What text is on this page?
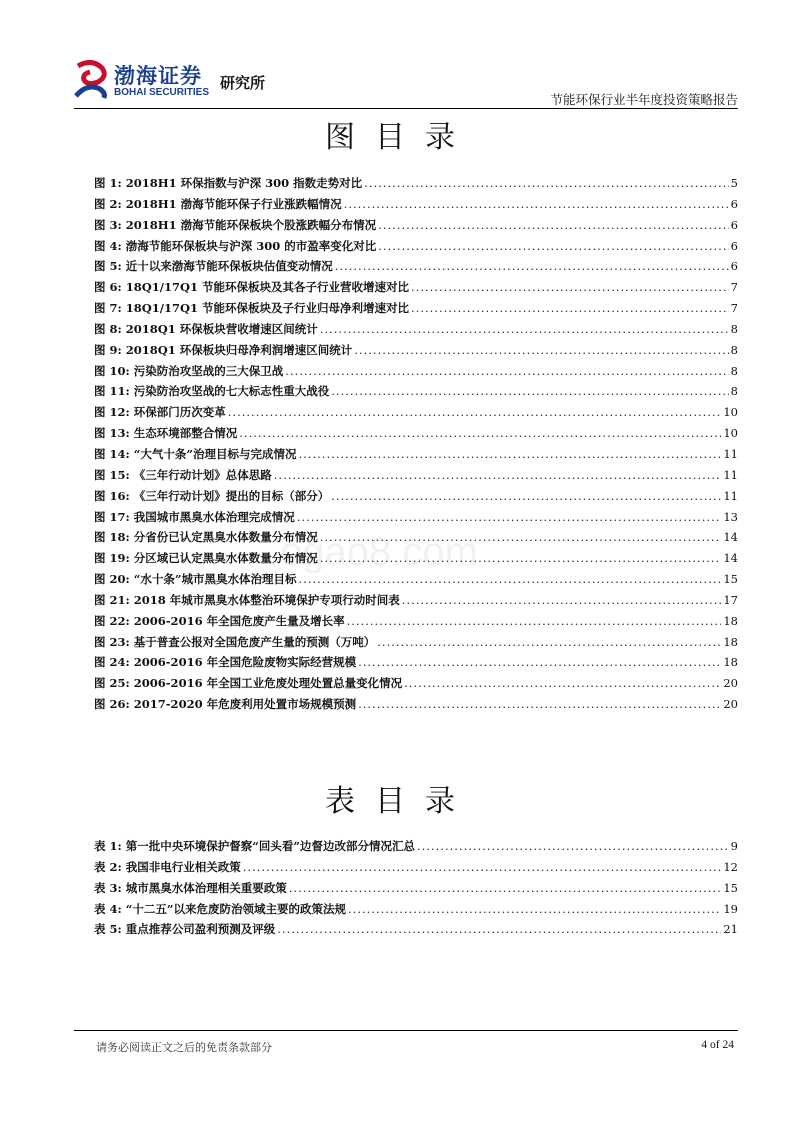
渤海证券
BOHAI SECURITIES
研究所
节能环保行业半年度投资策略报告
ogao8.com
图目录
图 1:
2018H1 环保指数与沪深 300 指数走势对比 .....	5
图 2:
2018H1 渤海节能环保子行业涨跌幅情况 .....	6
图 3:
2018H1 渤海节能环保板块个股涨跌幅分布情况 .....	6
图 4:
渤海节能环保板块与沪深 300 的市盈率变化对比 .....	6
图 5:
近十以来渤海节能环保板块估值变动情况 .....	6
图 6:
18Q1/17Q1 节能环保板块及其各子行业营收增速对比 .....	7
图 7:
18Q1/17Q1 节能环保板块及子行业归母净利增速对比 .....	7
图 8:
2018Q1 环保板块营收增速区间统计 .....	8
图 9:
2018Q1 环保板块归母净利润增速区间统计 .....	8
图 10:
污染防治攻坚战的三大保卫战 .....	8
图 11:
污染防治攻坚战的七大标志性重大战役 .....	8
图 12:
环保部门历次变革 .....	10
图 13:
生态环境部整合情况 .....	10
图 14:
“大气十条”治理目标与完成情况 .....	11
图 15:
《三年行动计划》总体思路 .....	11
图 16:
《三年行动计划》提出的目标（部分） .....	11
图 17:
我国城市黑臭水体治理完成情况 .....	13
图 18:
分省份已认定黑臭水体数量分布情况 .....	14
图 19:
分区域已认定黑臭水体数量分布情况 .....	14
图 20:
“水十条”城市黑臭水体治理目标 .....	15
图 21:
2018 年城市黑臭水体整治环境保护专项行动时间表 .....	17
图 22:
2006-2016 年全国危废产生量及增长率 .....	18
图 23:
基于普查公报对全国危废产生量的预测（万吨） .....	18
图 24:
2006-2016 年全国危险废物实际经营规模 .....	18
图 25:
2006-2016 年全国工业危废处理处置总量变化情况 .....	20
图 26:
2017-2020 年危废利用处置市场规模预测 .....	20
表目录
表 1:
第一批中央环境保护督察“回头看”边督边改部分情况汇总 .....	9
表 2:
我国非电行业相关政策 .....	12
表 3:
城市黑臭水体治理相关重要政策 .....	15
表 4:
“十二五”以来危废防治领域主要的政策法规 .....	19
表 5:
重点推荐公司盈利预测及评级 .....	21
请务必阅读正文之后的免责条款部分	4 of 24
